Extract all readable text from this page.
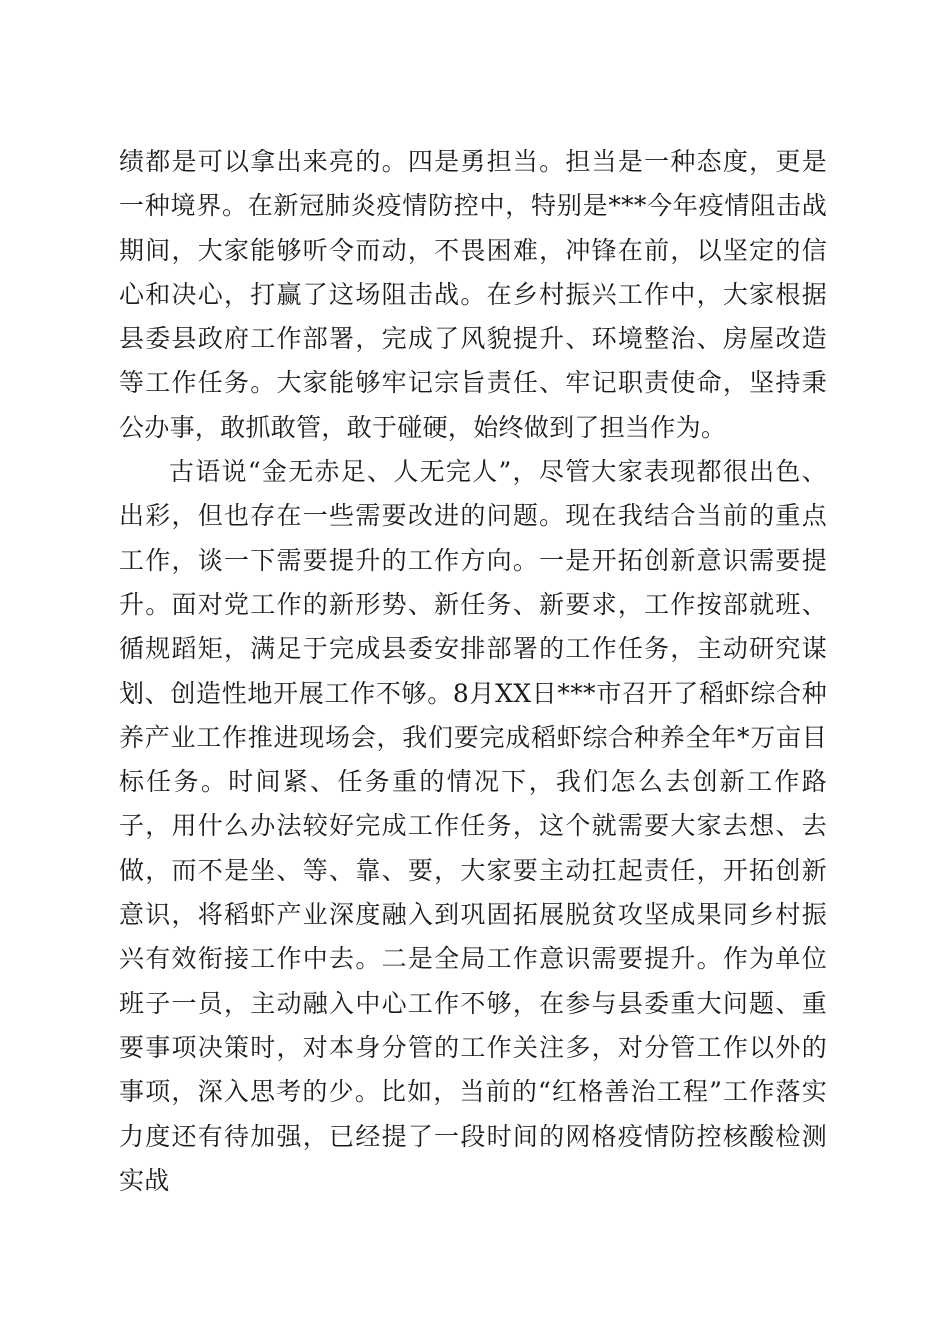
绩都是可以拿出来亮的。四是勇担当。担当是一种态度，更是一种境界。在新冠肺炎疫情防控中，特别是***今年疫情阻击战期间，大家能够听令而动，不畏困难，冲锋在前，以坚定的信心和决心，打赢了这场阻击战。在乡村振兴工作中，大家根据县委县政府工作部署，完成了风貌提升、环境整治、房屋改造等工作任务。大家能够牢记宗旨责任、牢记职责使命，坚持秉公办事，敢抓敢管，敢于碰硬，始终做到了担当作为。

古语说“金无赤足、人无完人”，尽管大家表现都很出色、出彩，但也存在一些需要改进的问题。现在我结合当前的重点工作，谈一下需要提升的工作方向。一是开拓创新意识需要提升。面对党工作的新形势、新任务、新要求，工作按部就班、循规蹈矩，满足于完成县委安排部署的工作任务，主动研究谋划、创造性地开展工作不够。8月XX日***市召开了稻虾综合种养产业工作推进现场会，我们要完成稻虾综合种养全年*万亩目标任务。时间紧、任务重的情况下，我们怎么去创新工作路子，用什么办法较好完成工作任务，这个就需要大家去想、去做，而不是坐、等、靠、要，大家要主动扛起责任，开拓创新意识，将稻虾产业深度融入到巩固拓展脱贫攻坚成果同乡村振兴有效衔接工作中去。二是全局工作意识需要提升。作为单位班子一员，主动融入中心工作不够，在参与县委重大问题、重要事项决策时，对本身分管的工作关注多，对分管工作以外的事项，深入思考的少。比如，当前的“红格善治工程”工作落实力度还有待加强，已经提了一段时间的网格疫情防控核酸检测实战
